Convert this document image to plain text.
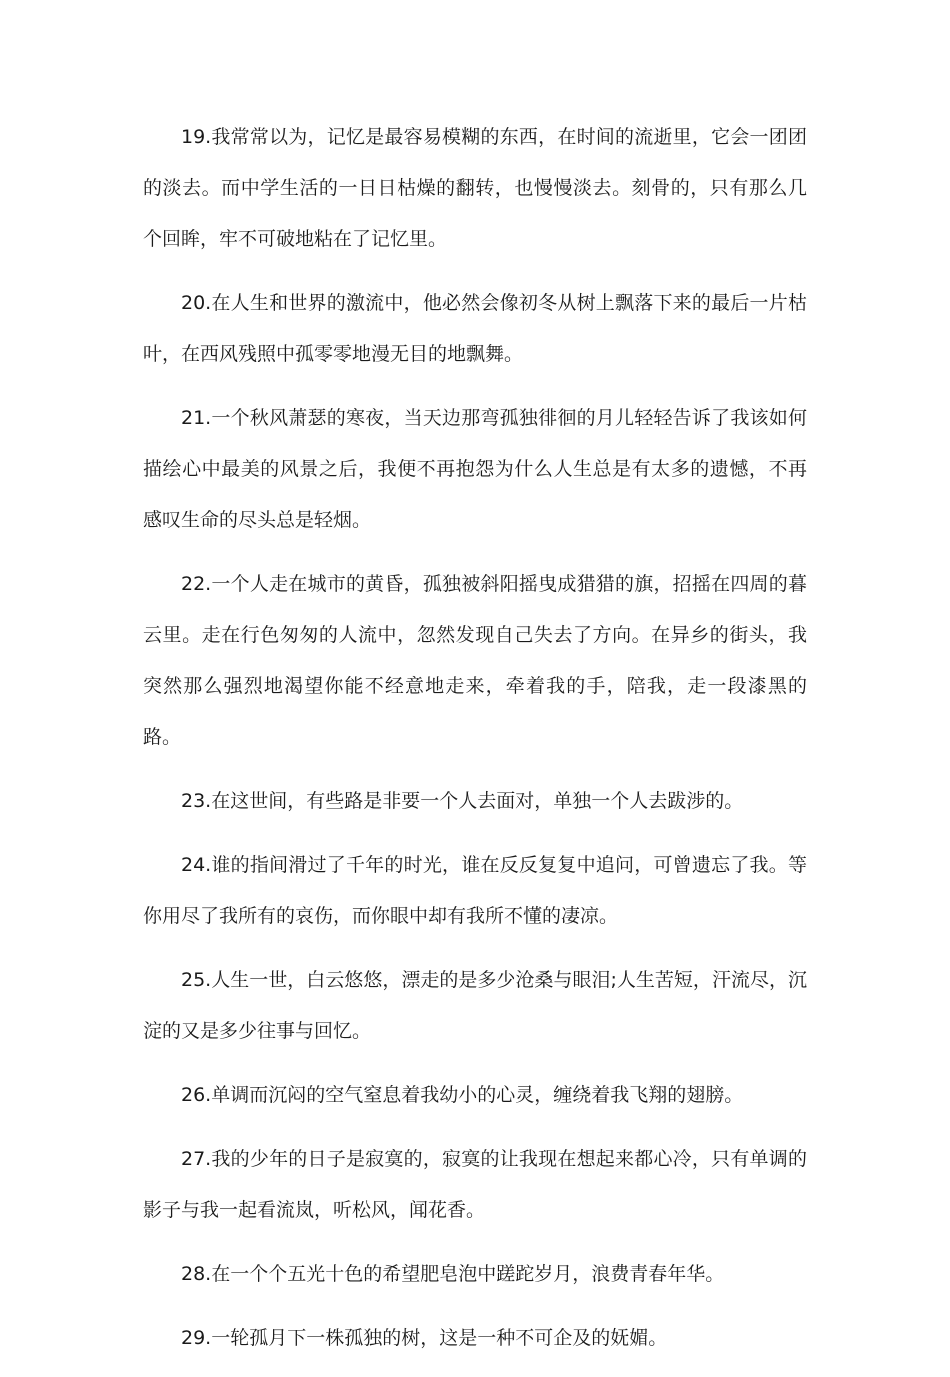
19.我常常以为，记忆是最容易模糊的东西，在时间的流逝里，它会一团团的淡去。而中学生活的一日日枯燥的翻转，也慢慢淡去。刻骨的，只有那么几个回眸，牢不可破地粘在了记忆里。

20.在人生和世界的激流中，他必然会像初冬从树上飘落下来的最后一片枯叶，在西风残照中孤零零地漫无目的地飘舞。

21.一个秋风萧瑟的寒夜，当天边那弯孤独徘徊的月儿轻轻告诉了我该如何描绘心中最美的风景之后，我便不再抱怨为什么人生总是有太多的遗憾，不再感叹生命的尽头总是轻烟。

22.一个人走在城市的黄昏，孤独被斜阳摇曳成猎猎的旗，招摇在四周的暮云里。走在行色匆匆的人流中，忽然发现自己失去了方向。在异乡的街头，我突然那么强烈地渴望你能不经意地走来，牵着我的手，陪我，走一段漆黑的路。

23.在这世间，有些路是非要一个人去面对，单独一个人去跋涉的。

24.谁的指间滑过了千年的时光，谁在反反复复中追问，可曾遗忘了我。等你用尽了我所有的哀伤，而你眼中却有我所不懂的凄凉。

25.人生一世，白云悠悠，漂走的是多少沧桑与眼泪;人生苦短，汗流尽，沉淀的又是多少往事与回忆。

26.单调而沉闷的空气窒息着我幼小的心灵，缠绕着我飞翔的翅膀。

27.我的少年的日子是寂寞的，寂寞的让我现在想起来都心冷，只有单调的影子与我一起看流岚，听松风，闻花香。

28.在一个个五光十色的希望肥皂泡中蹉跎岁月，浪费青春年华。

29.一轮孤月下一株孤独的树，这是一种不可企及的妩媚。
